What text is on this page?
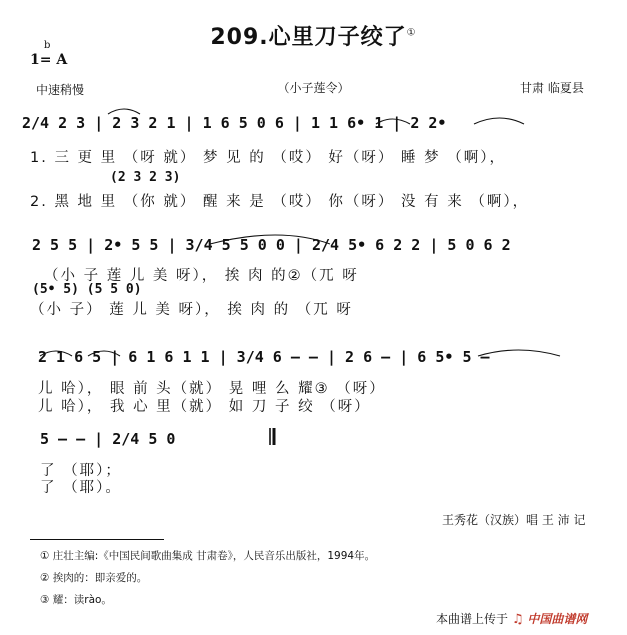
209.心里刀子绞了①
1= A
b
中速稍慢	（小子莲令）	甘肃 临夏县
2/4 2 3 | 2 3 2 1 | 1 6 5 0 6 | 1 1 6• 1 | 2 2•
1. 三 更 里 （呀 就） 梦 见 的 （哎） 好（呀） 睡 梦 （啊），
(2 3 2 3)
2. 黑 地 里 （你 就） 醒 来 是 （哎） 你（呀） 没 有 来 （啊），
2 5 5 | 2• 5 5 | 3/4 5 5 0 0 | 2/4 5• 6 2 2 | 5 0 6 2
（小 子 莲 儿 美 呀）， 挨 肉 的②（兀 呀
(5• 5) (5 5 0)
（小 子） 莲 儿 美 呀）， 挨 肉 的 （兀 呀
2 1 6 5 | 6 1 6 1 1 | 3/4 6 — — | 2 6 — | 6 5• 5 —
儿 哈）， 眼 前 头（就） 晃 哩 么 耀③ （呀）
儿 哈）， 我 心 里（就） 如 刀 子 绞 （呀）
5 — — | 2/4 5 0
了 （耶）；
了 （耶）。
王秀花（汉族）唱 王 沛 记
① 庄壮主编:《中国民间歌曲集成 甘肃卷》，人民音乐出版社，1994年。
② 挨肉的：即亲爱的。
③ 耀：读rào。
本曲谱上传于 ♫ 中国曲谱网
